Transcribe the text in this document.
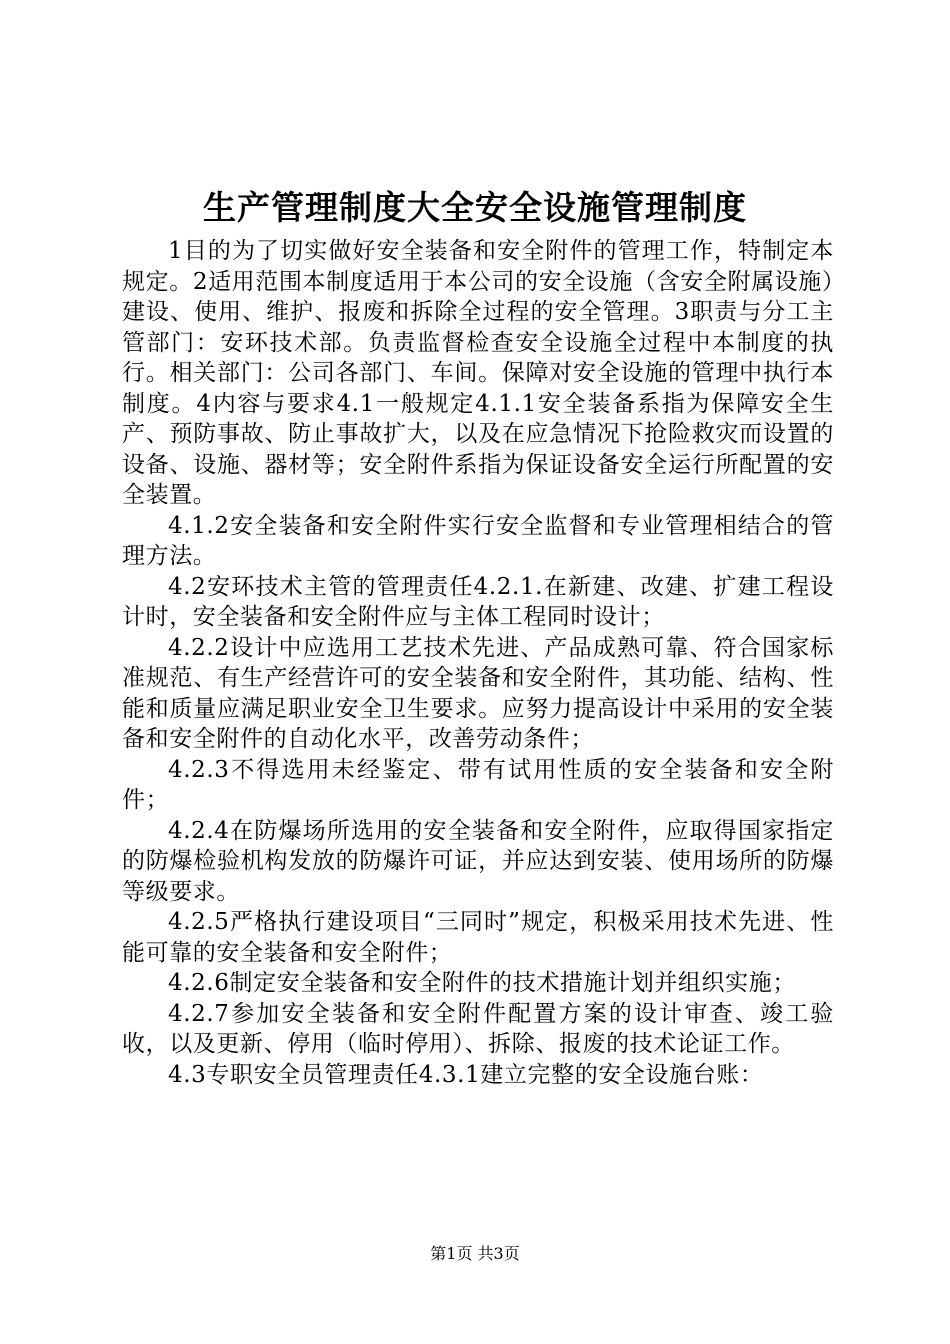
生产管理制度大全安全设施管理制度

1目的为了切实做好安全装备和安全附件的管理工作，特制定本规定。2适用范围本制度适用于本公司的安全设施（含安全附属设施）建设、使用、维护、报废和拆除全过程的安全管理。3职责与分工主管部门：安环技术部。负责监督检查安全设施全过程中本制度的执行。相关部门：公司各部门、车间。保障对安全设施的管理中执行本制度。4内容与要求4.1一般规定4.1.1安全装备系指为保障安全生产、预防事故、防止事故扩大，以及在应急情况下抢险救灾而设置的设备、设施、器材等；安全附件系指为保证设备安全运行所配置的安全装置。

4.1.2安全装备和安全附件实行安全监督和专业管理相结合的管理方法。

4.2安环技术主管的管理责任4.2.1.在新建、改建、扩建工程设计时，安全装备和安全附件应与主体工程同时设计；

4.2.2设计中应选用工艺技术先进、产品成熟可靠、符合国家标准规范、有生产经营许可的安全装备和安全附件，其功能、结构、性能和质量应满足职业安全卫生要求。应努力提高设计中采用的安全装备和安全附件的自动化水平，改善劳动条件；

4.2.3不得选用未经鉴定、带有试用性质的安全装备和安全附件；

4.2.4在防爆场所选用的安全装备和安全附件，应取得国家指定的防爆检验机构发放的防爆许可证，并应达到安装、使用场所的防爆等级要求。

4.2.5严格执行建设项目“三同时”规定，积极采用技术先进、性能可靠的安全装备和安全附件；

4.2.6制定安全装备和安全附件的技术措施计划并组织实施；

4.2.7参加安全装备和安全附件配置方案的设计审查、竣工验收，以及更新、停用（临时停用）、拆除、报废的技术论证工作。

4.3专职安全员管理责任4.3.1建立完整的安全设施台账：

第1页 共3页
